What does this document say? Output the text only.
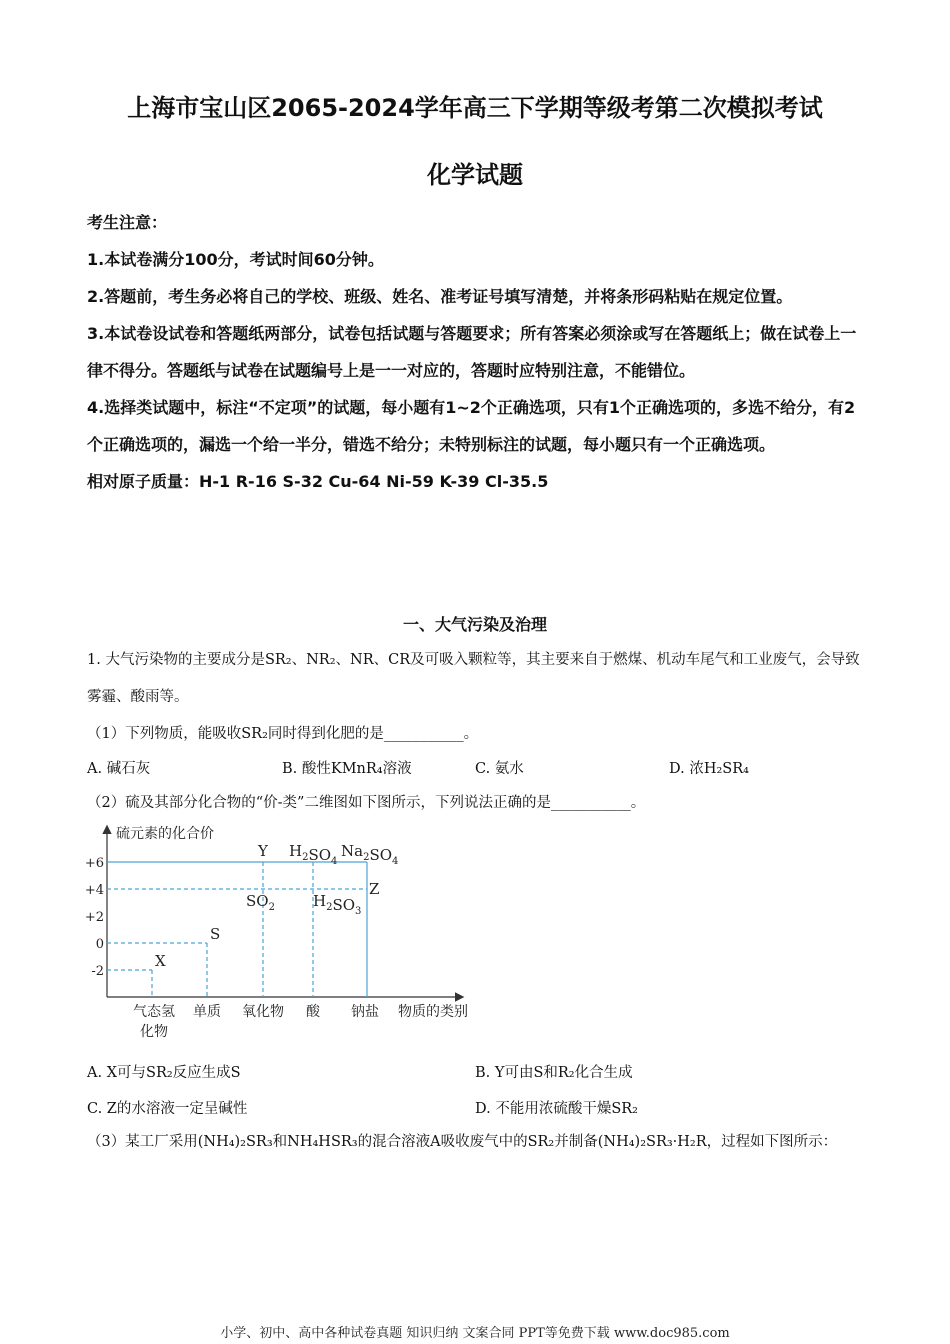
上海市宝山区2065-2024学年高三下学期等级考第二次模拟考试
化学试题

考生注意：

1.本试卷满分100分，考试时间60分钟。

2.答题前，考生务必将自己的学校、班级、姓名、准考证号填写清楚，并将条形码粘贴在规定位置。

3.本试卷设试卷和答题纸两部分，试卷包括试题与答题要求；所有答案必须涂或写在答题纸上；做在试卷上一律不得分。答题纸与试卷在试题编号上是一一对应的，答题时应特别注意，不能错位。

4.选择类试题中，标注“不定项”的试题，每小题有1~2个正确选项，只有1个正确选项的，多选不给分，有2个正确选项的，漏选一个给一半分，错选不给分；未特别标注的试题，每小题只有一个正确选项。

相对原子质量：H-1 R-16 S-32 Cu-64 Ni-59 K-39 Cl-35.5

一、大气污染及治理

1. 大气污染物的主要成分是SR₂、NR₂、NR、CR及可吸入颗粒等，其主要来自于燃煤、机动车尾气和工业废气，会导致雾霾、酸雨等。

（1）下列物质，能吸收SR₂同时得到化肥的是___________。

A. 碱石灰	B. 酸性KMnR₄溶液	C. 氨水	D. 浓H₂SR₄

（2）硫及其部分化合物的“价-类”二维图如下图所示，下列说法正确的是___________。

硫元素的化合价
物质的类别
+6
+4
+2
0
-2
气态氢
化物
单质 氧化物 酸 钠盐
X
S
$SO_2$
Y
$H_2SO_3$
$H_2SO_4$
$Na_2SO_4$
Z
A. X可与SR₂反应生成S	B. Y可由S和R₂化合生成
C. Z的水溶液一定呈碱性	D. 不能用浓硫酸干燥SR₂

（3）某工厂采用(NH₄)₂SR₃和NH₄HSR₃的混合溶液A吸收废气中的SR₂并制备(NH₄)₂SR₃·H₂R，过程如下图所示：

小学、初中、高中各种试卷真题 知识归纳 文案合同 PPT等免费下载 www.doc985.com
